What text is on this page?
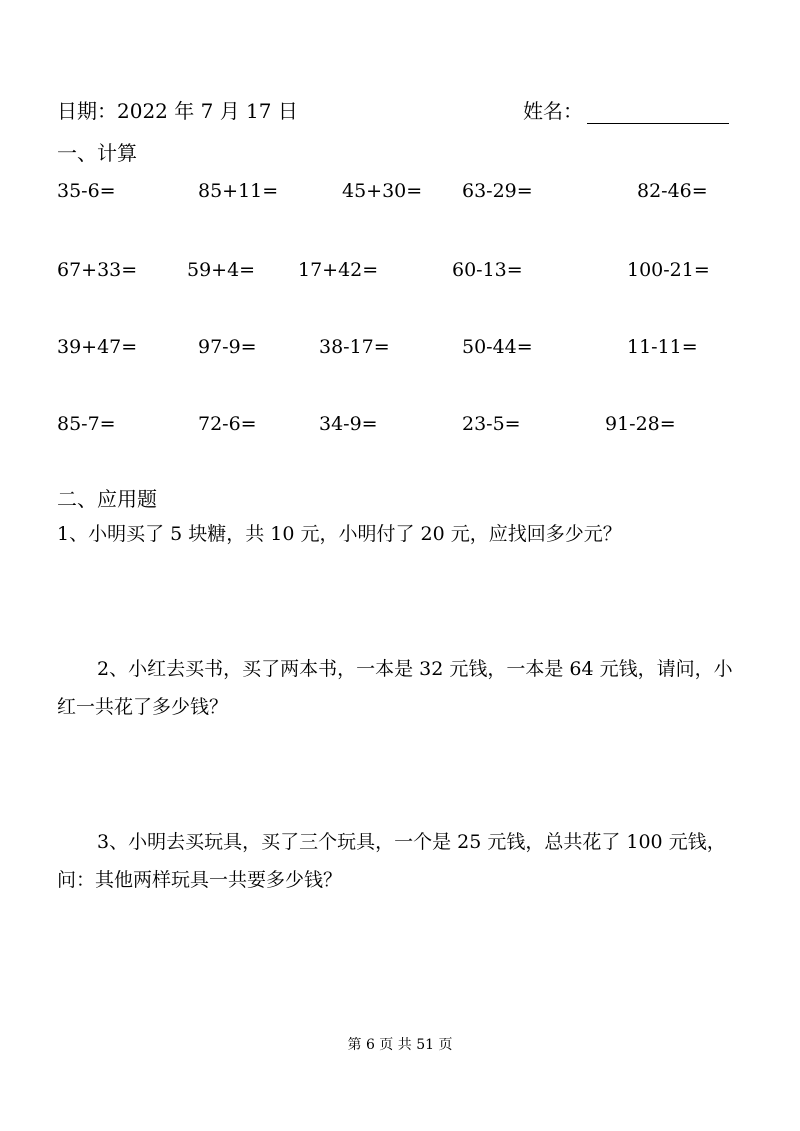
日期：2022 年 7 月 17 日	姓名：
一、计算
35-6=	85+11=	45+30= 63-29=	82-46=
67+33=	59+4= 17+42=	60-13=	100-21=
39+47=	97-9=	38-17=	50-44=	11-11=
85-7=	72-6=	34-9=	23-5=	91-28=
二、应用题
1、小明买了 5 块糖，共 10 元，小明付了 20 元，应找回多少元？
2、小红去买书，买了两本书，一本是 32 元钱，一本是 64 元钱，请问，小红一共花了多少钱？
3、小明去买玩具，买了三个玩具，一个是 25 元钱，总共花了 100 元钱，问：其他两样玩具一共要多少钱？
第 6 页 共 51 页
